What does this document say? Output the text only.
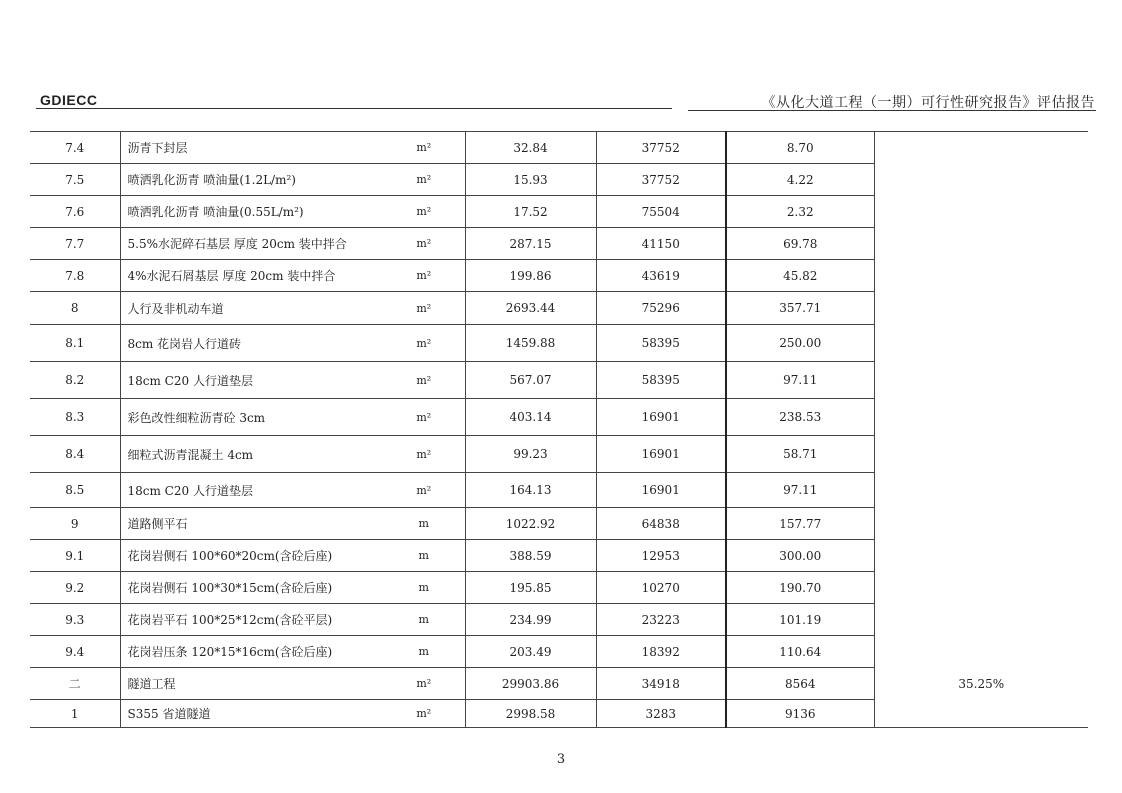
GDIECC	《从化大道工程（一期）可行性研究报告》评估报告
7.4	沥青下封层	m²	32.84	37752	8.70	
7.5	喷洒乳化沥青 喷油量(1.2L/m²)	m²	15.93	37752	4.22	
7.6	喷洒乳化沥青 喷油量(0.55L/m²)	m²	17.52	75504	2.32	
7.7	5.5%水泥碎石基层 厚度 20cm 装中拌合	m²	287.15	41150	69.78	
7.8	4%水泥石屑基层 厚度 20cm 装中拌合	m²	199.86	43619	45.82	
8	人行及非机动车道	m²	2693.44	75296	357.71	
8.1	8cm 花岗岩人行道砖	m²	1459.88	58395	250.00	
8.2	18cm C20 人行道垫层	m²	567.07	58395	97.11	
8.3	彩色改性细粒沥青砼 3cm	m²	403.14	16901	238.53	
8.4	细粒式沥青混凝土 4cm	m²	99.23	16901	58.71	
8.5	18cm C20 人行道垫层	m²	164.13	16901	97.11	
9	道路侧平石	m	1022.92	64838	157.77	
9.1	花岗岩侧石 100*60*20cm(含砼后座)	m	388.59	12953	300.00	
9.2	花岗岩侧石 100*30*15cm(含砼后座)	m	195.85	10270	190.70	
9.3	花岗岩平石 100*25*12cm(含砼平层)	m	234.99	23223	101.19	
9.4	花岗岩压条 120*15*16cm(含砼后座)	m	203.49	18392	110.64	
二	隧道工程	m²	29903.86	34918	8564	35.25%
1	S355 省道隧道	m²	2998.58	3283	9136	
3
